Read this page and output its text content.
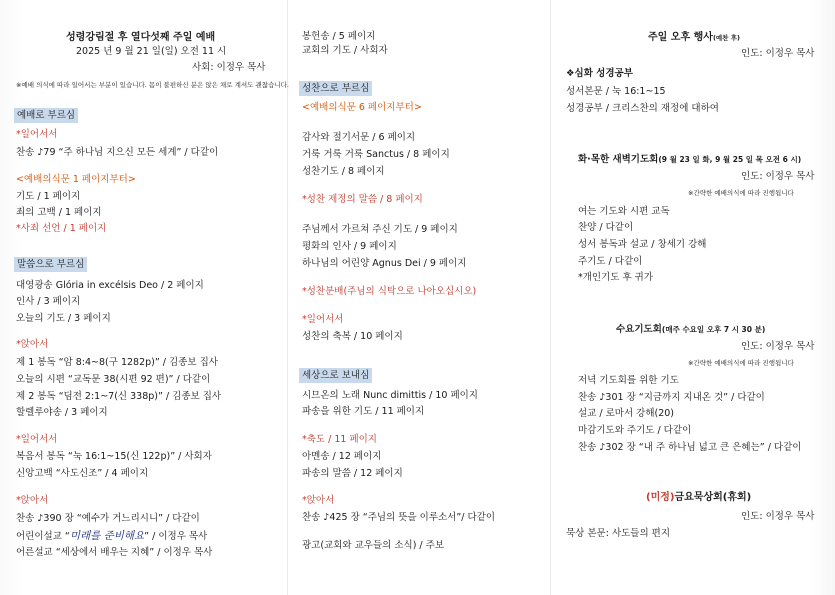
성령강림절 후 열다섯째 주일 예배
2025 년 9 월 21 일(일) 오전 11 시
사회: 이정우 목사
※예배 의식에 따라 일어서는 부분이 있습니다. 몸이 불편하신 분은 앉은 채로 계셔도 괜찮습니다.
예배로 부르심
*일어서서
찬송 ♪79 “주 하나님 지으신 모든 세계” / 다같이
<예배의식문 1 페이지부터>
기도 / 1 페이지
죄의 고백 / 1 페이지
*사죄 선언 / 1 페이지
말씀으로 부르심
대영광송 Glória in excélsis Deo / 2 페이지
인사 / 3 페이지
오늘의 기도 / 3 페이지
*앉아서
제 1 봉독 “암 8:4~8(구 1282p)” / 김종보 집사
오늘의 시편 “교독문 38(시편 92 편)” / 다같이
제 2 봉독 “딤전 2:1~7(신 338p)” / 김종보 집사
할렐루야송 / 3 페이지
*일어서서
복음서 봉독 “눅 16:1~15(신 122p)” / 사회자
신앙고백 “사도신조” / 4 페이지
*앉아서
찬송 ♪390 장 “예수가 거느리시니” / 다같이
어린이설교 “미래를 준비해요” / 이정우 목사
어른설교 “세상에서 배우는 지혜” / 이정우 목사
봉헌송 / 5 페이지
교회의 기도 / 사회자
성찬으로 부르심
<예배의식문 6 페이지부터>
감사와 절기서문 / 6 페이지
거룩 거룩 거룩 Sanctus / 8 페이지
성찬기도 / 8 페이지
*성찬 제정의 말씀 / 8 페이지
주님께서 가르쳐 주신 기도 / 9 페이지
평화의 인사 / 9 페이지
하나님의 어린양 Agnus Dei / 9 페이지
*성찬분배(주님의 식탁으로 나아오십시오)
*일어서서
성찬의 축복 / 10 페이지
세상으로 보내심
시므온의 노래 Nunc dimittis / 10 페이지
파송을 위한 기도 / 11 페이지
*축도 / 11 페이지
아멘송 / 12 페이지
파송의 말씀 / 12 페이지
*앉아서
찬송 ♪425 장 “주님의 뜻을 이루소서”/ 다같이
광고(교회와 교우들의 소식) / 주보
주일 오후 행사(예찬 후)
인도: 이정우 목사
❖심화 성경공부
성서본문 / 눅 16:1~15
성경공부 / 크리스찬의 재정에 대하여
화·목한 새벽기도회(9 월 23 일 화, 9 월 25 일 목 오전 6 시)
인도: 이정우 목사
※간략한 예배의식에 따라 진행됩니다
여는 기도와 시편 교독
찬양 / 다같이
성서 봉독과 설교 / 창세기 강해
주기도 / 다같이
*개인기도 후 귀가
수요기도회(매주 수요일 오후 7 시 30 분)
인도: 이정우 목사
※간략한 예배의식에 따라 진행됩니다
저녁 기도회를 위한 기도
찬송 ♪301 장 “지금까지 지내온 것” / 다같이
설교 / 로마서 강해(20)
마감기도와 주기도 / 다같이
찬송 ♪302 장 “내 주 하나님 넓고 큰 은혜는” / 다같이
(미정)금요묵상회(휴회)
인도: 이정우 목사
묵상 본문: 사도들의 편지
